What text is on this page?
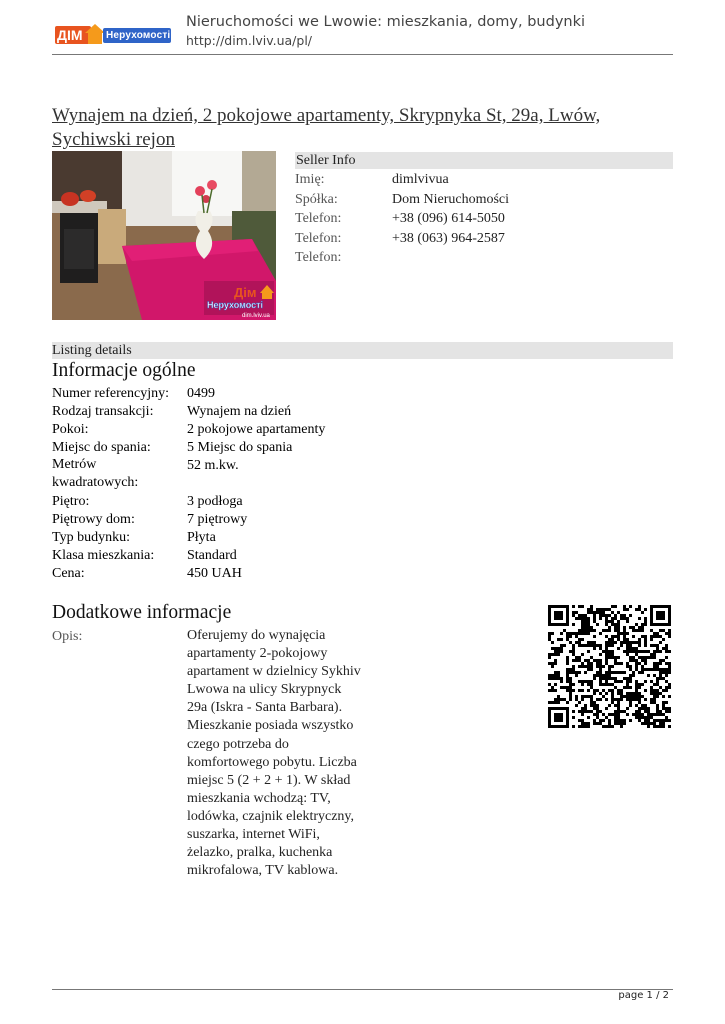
ДІМ Нерухомості
Nieruchomości we Lwowie: mieszkania, domy, budynki
http://dim.lviv.ua/pl/
Wynajem na dzień, 2 pokojowe apartamenty, Skrypnyka St, 29a, Lwów, Sychiwski rejon
Дім
Нерухомості
dim.lviv.ua
Seller Info
Imię:	dimlvivua
Spółka:	Dom Nieruchomości
Telefon:	+38 (096) 614-5050
Telefon:	+38 (063) 964-2587
Telefon:
Listing details
Informacje ogólne
Numer referencyjny:	0499
Rodzaj transakcji:	Wynajem na dzień
Pokoi:	2 pokojowe apartamenty
Miejsc do spania:	5 Miejsc do spania
Metrów kwadratowych:
52 m.kw.
Piętro:	3 podłoga
Piętrowy dom:	7 piętrowy
Typ budynku:	Płyta
Klasa mieszkania:	Standard
Cena:	450 UAH
Dodatkowe informacje
Opis:	Oferujemy do wynajęcia apartamenty 2-pokojowy apartament w dzielnicy Sykhiv Lwowa na ulicy Skrypnyck 29a (Iskra - Santa Barbara). Mieszkanie posiada wszystko czego potrzeba do komfortowego pobytu. Liczba miejsc 5 (2 + 2 + 1). W skład mieszkania wchodzą: TV, lodówka, czajnik elektryczny, suszarka, internet WiFi, żelazko, pralka, kuchenka mikrofalowa, TV kablowa.
page 1 / 2
